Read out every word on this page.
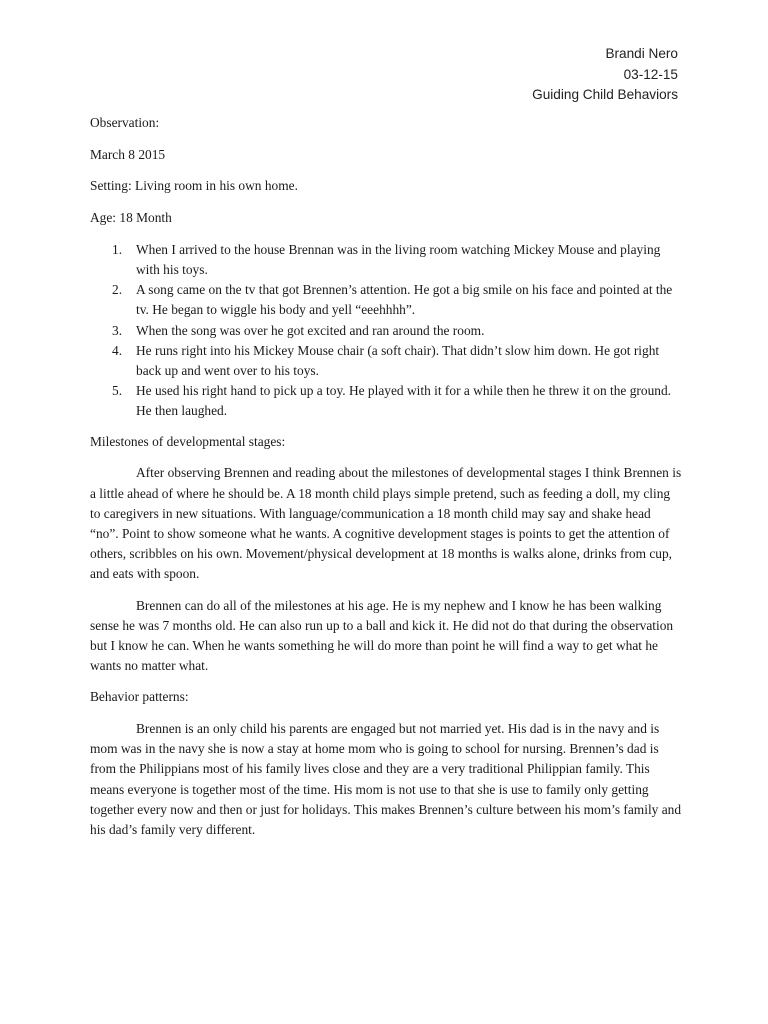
Brandi Nero
03-12-15
Guiding Child Behaviors
Observation:
March 8 2015
Setting: Living room in his own home.
Age: 18 Month
1. When I arrived to the house Brennan was in the living room watching Mickey Mouse and playing with his toys.
2. A song came on the tv that got Brennen’s attention. He got a big smile on his face and pointed at the tv. He began to wiggle his body and yell “eeehhhh”.
3. When the song was over he got excited and ran around the room.
4. He runs right into his Mickey Mouse chair (a soft chair). That didn’t slow him down. He got right back up and went over to his toys.
5. He used his right hand to pick up a toy. He played with it for a while then he threw it on the ground. He then laughed.
Milestones of developmental stages:

After observing Brennen and reading about the milestones of developmental stages I think Brennen is a little ahead of where he should be. A 18 month child plays simple pretend, such as feeding a doll, my cling to caregivers in new situations. With language/communication a 18 month child may say and shake head “no”. Point to show someone what he wants. A cognitive development stages is points to get the attention of others, scribbles on his own. Movement/physical development at 18 months is walks alone, drinks from cup, and eats with spoon.

Brennen can do all of the milestones at his age. He is my nephew and I know he has been walking sense he was 7 months old. He can also run up to a ball and kick it. He did not do that during the observation but I know he can. When he wants something he will do more than point he will find a way to get what he wants no matter what.

Behavior patterns:

Brennen is an only child his parents are engaged but not married yet. His dad is in the navy and is mom was in the navy she is now a stay at home mom who is going to school for nursing. Brennen’s dad is from the Philippians most of his family lives close and they are a very traditional Philippian family. This means everyone is together most of the time. His mom is not use to that she is use to family only getting together every now and then or just for holidays. This makes Brennen’s culture between his mom’s family and his dad’s family very different.
